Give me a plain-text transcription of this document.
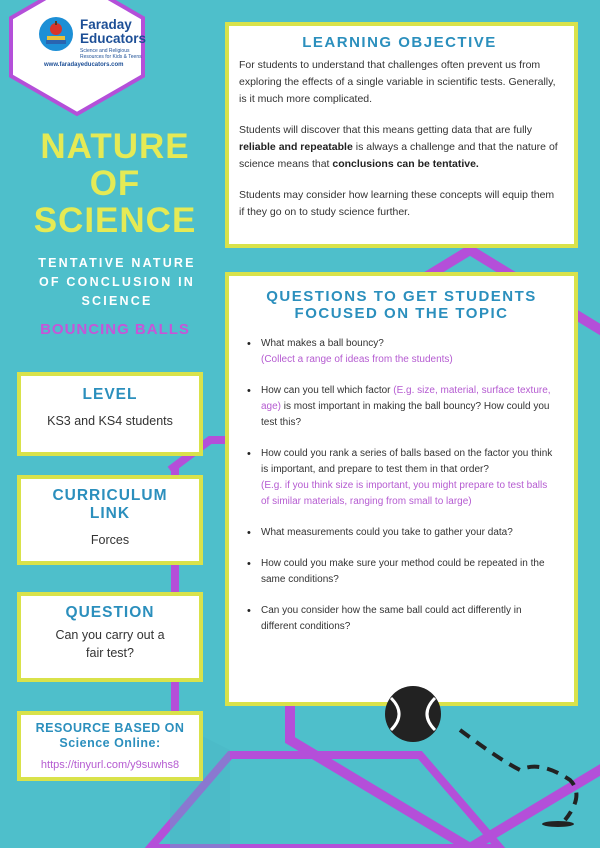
Faraday
Educators
Science and Religious Resources for Kids & Teens
www.faradayeducators.com
NATURE
OF
SCIENCE
TENTATIVE NATURE
OF CONCLUSION IN
SCIENCE
BOUNCING BALLS
LEVEL
KS3 and KS4 students
CURRICULUM
LINK
Forces
QUESTION
Can you carry out a
fair test?
RESOURCE BASED ON
Science Online:
https://tinyurl.com/y9suwhs8
LEARNING OBJECTIVE
For students to understand that challenges often prevent us from exploring the effects of a single variable in scientific tests. Generally, is it much more complicated.
Students will discover that this means getting data that are fully reliable and repeatable is always a challenge and that the nature of science means that conclusions can be tentative.
Students may consider how learning these concepts will equip them if they go on to study science further.
QUESTIONS TO GET STUDENTS
FOCUSED ON THE TOPIC
• What makes a ball bouncy?
(Collect a range of ideas from the students)
• How can you tell which factor (E.g. size, material, surface texture, age) is most important in making the ball bouncy? How could you test this?
• How could you rank a series of balls based on the factor you think is important, and prepare to test them in that order?
(E.g. if you think size is important, you might prepare to test balls of similar materials, ranging from small to large)
• What measurements could you take to gather your data?
• How could you make sure your method could be repeated in the same conditions?
• Can you consider how the same ball could act differently in different conditions?
